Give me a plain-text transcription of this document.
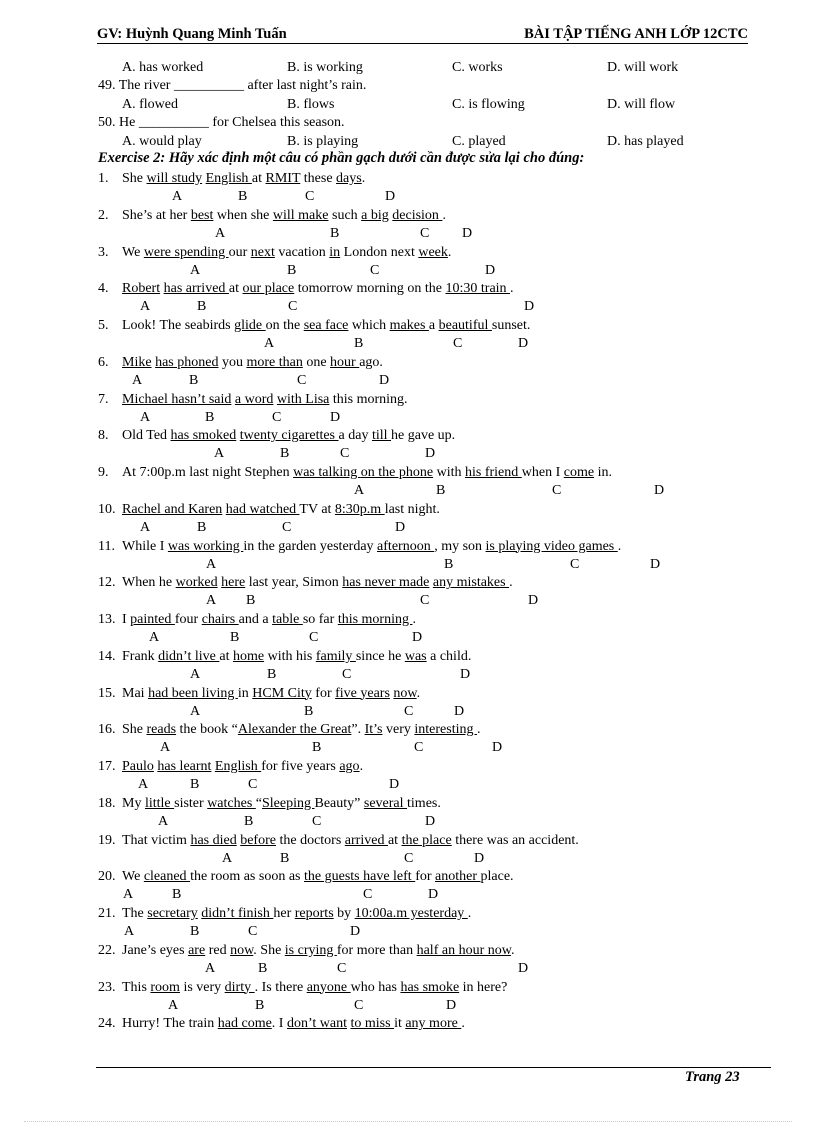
GV: Huỳnh Quang Minh Tuấn	BÀI TẬP TIẾNG ANH LỚP 12CTC
A. has worked	B. is working	C. works	D. will work
49. The river __________ after last night’s rain.
A. flowed	B. flows	C. is flowing	D. will flow
50. He __________ for Chelsea this season.
A. would play	B. is playing	C. played	D. has played
Exercise 2: Hãy xác định một câu có phần gạch dưới cần được sửa lại cho đúng:
1. She will study English at RMIT these days.
A	B	C	D
2. She’s at her best when she will make such a big decision .
A	B	C D
3. We were spending our next vacation in London next week.
A	B	C	D
4. Robert has arrived at our place tomorrow morning on the 10:30 train .
A	B	C	D
5. Look! The seabirds glide on the sea face which makes a beautiful sunset.
A	B	C	D
6. Mike has phoned you more than one hour ago.
A	B	C	D
7. Michael hasn’t said a word with Lisa this morning.
A	B	C	D
8. Old Ted has smoked twenty cigarettes a day till he gave up.
A	B	C	D
9. At 7:00p.m last night Stephen was talking on the phone with his friend when I come in.
A	B	C	D
10. Rachel and Karen had watched TV at 8:30p.m last night.
A	B	C	D
11. While I was working in the garden yesterday afternoon , my son is playing video games .
A	B	C	D
12. When he worked here last year, Simon has never made any mistakes .
A B	C	D
13. I painted four chairs and a table so far this morning .
A	B	C	D
14. Frank didn’t live at home with his family since he was a child.
A	B	C	D
15. Mai had been living in HCM City for five years now.
A	B	C	D
16. She reads the book “Alexander the Great”. It’s very interesting .
A	B	C	D
17. Paulo has learnt English for five years ago.
A	B	C	D
18. My little sister watches “Sleeping Beauty” several times.
A	B	C	D
19. That victim has died before the doctors arrived at the place there was an accident.
A	B	C	D
20. We cleaned the room as soon as the guests have left for another place.
A	B	C	D
21. The secretary didn’t finish her reports by 10:00a.m yesterday .
A	B	C	D
22. Jane’s eyes are red now. She is crying for more than half an hour now.
A	B	C	D
23. This room is very dirty . Is there anyone who has has smoke in here?
A	B	C	D
24. Hurry! The train had come. I don’t want to miss it any more .
Trang 23
